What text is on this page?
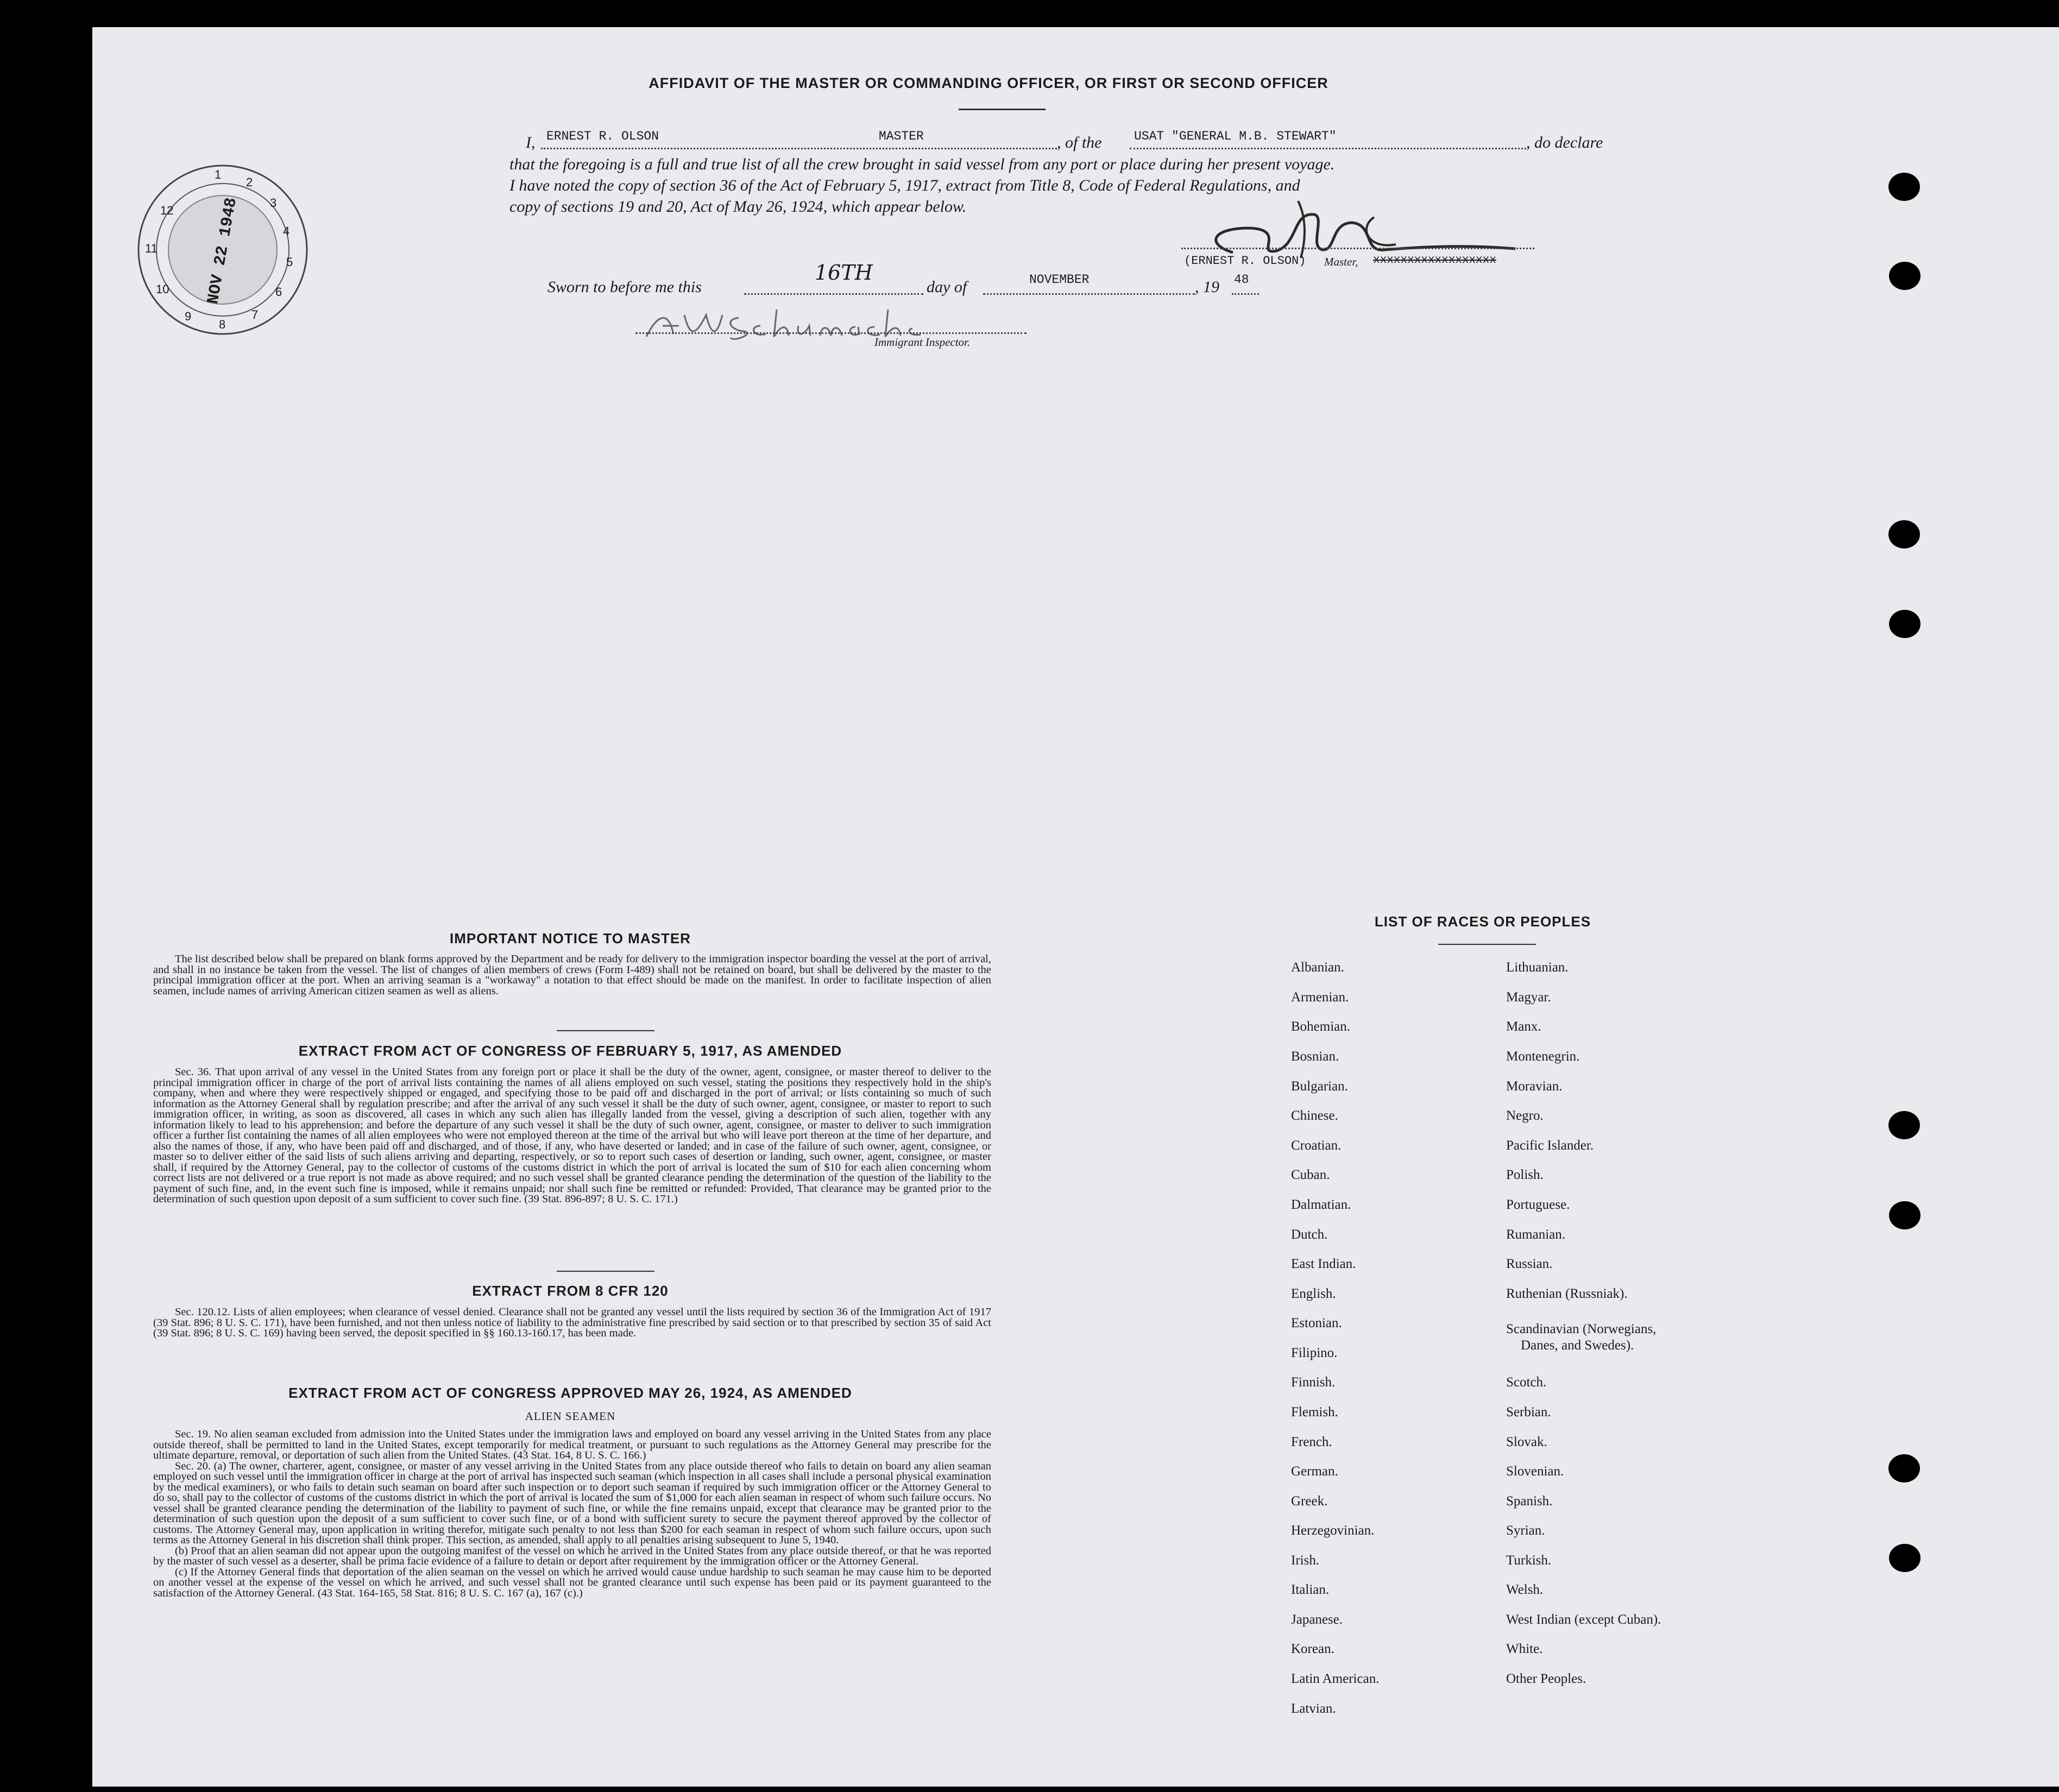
AFFIDAVIT OF THE MASTER OR COMMANDING OFFICER, OR FIRST OR SECOND OFFICER
I, ERNEST R. OLSON	MASTER	, of the	USAT "GENERAL M.B. STEWART"	, do declare
that the foregoing is a full and true list of all the crew brought in said vessel from any port or place during her present voyage.
I have noted the copy of section 36 of the Act of February 5, 1917, extract from Title 8, Code of Federal Regulations, and
copy of sections 19 and 20, Act of May 26, 1924, which appear below.
(ERNEST R. OLSON) Master, xxxxxxxxxxxxxxxxxx
Sworn to before me this
16TH
day of	NOVEMBER	, 19 48
Immigrant Inspector.
1
2
3
4
5
6
7
8
9
10
11
12 NOV 22 1948
IMPORTANT NOTICE TO MASTER

The list described below shall be prepared on blank forms approved by the Department and be ready for delivery to the immigration inspector boarding the vessel at the port of arrival, and shall in no instance be taken from the vessel. The list of changes of alien members of crews (Form I-489) shall not be retained on board, but shall be delivered by the master to the principal immigration officer at the port. When an arriving seaman is a "workaway" a notation to that effect should be made on the manifest. In order to facilitate inspection of alien seamen, include names of arriving American citizen seamen as well as aliens.

EXTRACT FROM ACT OF CONGRESS OF FEBRUARY 5, 1917, AS AMENDED

Sec. 36. That upon arrival of any vessel in the United States from any foreign port or place it shall be the duty of the owner, agent, consignee, or master thereof to deliver to the principal immigration officer in charge of the port of arrival lists containing the names of all aliens employed on such vessel, stating the positions they respectively hold in the ship's company, when and where they were respectively shipped or engaged, and specifying those to be paid off and discharged in the port of arrival; or lists containing so much of such information as the Attorney General shall by regulation prescribe; and after the arrival of any such vessel it shall be the duty of such owner, agent, consignee, or master to report to such immigration officer, in writing, as soon as discovered, all cases in which any such alien has illegally landed from the vessel, giving a description of such alien, together with any information likely to lead to his apprehension; and before the departure of any such vessel it shall be the duty of such owner, agent, consignee, or master to deliver to such immigration officer a further list containing the names of all alien employees who were not employed thereon at the time of the arrival but who will leave port thereon at the time of her departure, and also the names of those, if any, who have been paid off and discharged, and of those, if any, who have deserted or landed; and in case of the failure of such owner, agent, consignee, or master so to deliver either of the said lists of such aliens arriving and departing, respectively, or so to report such cases of desertion or landing, such owner, agent, consignee, or master shall, if required by the Attorney General, pay to the collector of customs of the customs district in which the port of arrival is located the sum of $10 for each alien concerning whom correct lists are not delivered or a true report is not made as above required; and no such vessel shall be granted clearance pending the determination of the question of the liability to the payment of such fine, and, in the event such fine is imposed, while it remains unpaid; nor shall such fine be remitted or refunded: Provided, That clearance may be granted prior to the determination of such question upon deposit of a sum sufficient to cover such fine. (39 Stat. 896-897; 8 U. S. C. 171.)

EXTRACT FROM 8 CFR 120

Sec. 120.12. Lists of alien employees; when clearance of vessel denied. Clearance shall not be granted any vessel until the lists required by section 36 of the Immigration Act of 1917 (39 Stat. 896; 8 U. S. C. 171), have been furnished, and not then unless notice of liability to the administrative fine prescribed by said section or to that prescribed by section 35 of said Act (39 Stat. 896; 8 U. S. C. 169) having been served, the deposit specified in §§ 160.13-160.17, has been made.

EXTRACT FROM ACT OF CONGRESS APPROVED MAY 26, 1924, AS AMENDED
ALIEN SEAMEN

Sec. 19. No alien seaman excluded from admission into the United States under the immigration laws and employed on board any vessel arriving in the United States from any place outside thereof, shall be permitted to land in the United States, except temporarily for medical treatment, or pursuant to such regulations as the Attorney General may prescribe for the ultimate departure, removal, or deportation of such alien from the United States. (43 Stat. 164, 8 U. S. C. 166.)

Sec. 20. (a) The owner, charterer, agent, consignee, or master of any vessel arriving in the United States from any place outside thereof who fails to detain on board any alien seaman employed on such vessel until the immigration officer in charge at the port of arrival has inspected such seaman (which inspection in all cases shall include a personal physical examination by the medical examiners), or who fails to detain such seaman on board after such inspection or to deport such seaman if required by such immigration officer or the Attorney General to do so, shall pay to the collector of customs of the customs district in which the port of arrival is located the sum of $1,000 for each alien seaman in respect of whom such failure occurs. No vessel shall be granted clearance pending the determination of the liability to payment of such fine, or while the fine remains unpaid, except that clearance may be granted prior to the determination of such question upon the deposit of a sum sufficient to cover such fine, or of a bond with sufficient surety to secure the payment thereof approved by the collector of customs. The Attorney General may, upon application in writing therefor, mitigate such penalty to not less than $200 for each seaman in respect of whom such failure occurs, upon such terms as the Attorney General in his discretion shall think proper. This section, as amended, shall apply to all penalties arising subsequent to June 5, 1940.

(b) Proof that an alien seaman did not appear upon the outgoing manifest of the vessel on which he arrived in the United States from any place outside thereof, or that he was reported by the master of such vessel as a deserter, shall be prima facie evidence of a failure to detain or deport after requirement by the immigration officer or the Attorney General.

(c) If the Attorney General finds that deportation of the alien seaman on the vessel on which he arrived would cause undue hardship to such seaman he may cause him to be deported on another vessel at the expense of the vessel on which he arrived, and such vessel shall not be granted clearance until such expense has been paid or its payment guaranteed to the satisfaction of the Attorney General. (43 Stat. 164-165, 58 Stat. 816; 8 U. S. C. 167 (a), 167 (c).)

LIST OF RACES OR PEOPLES
Albanian.
Armenian.
Bohemian.
Bosnian.
Bulgarian.
Chinese.
Croatian.
Cuban.
Dalmatian.
Dutch.
East Indian.
English.
Estonian.
Filipino.
Finnish.
Flemish.
French.
German.
Greek.
Herzegovinian.
Irish.
Italian.
Japanese.
Korean.
Latin American.
Latvian.
Lithuanian.
Magyar.
Manx.
Montenegrin.
Moravian.
Negro.
Pacific Islander.
Polish.
Portuguese.
Rumanian.
Russian.
Ruthenian (Russniak).
Scandinavian (Norwegians,
Danes, and Swedes).
Scotch.
Serbian.
Slovak.
Slovenian.
Spanish.
Syrian.
Turkish.
Welsh.
West Indian (except Cuban).
White.
Other Peoples.
